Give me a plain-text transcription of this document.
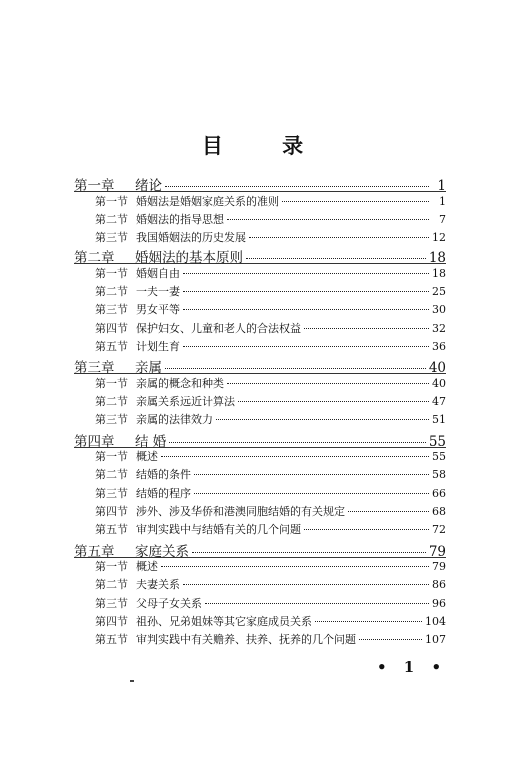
目 录
第一章	绪论	1
第一节 婚姻法是婚姻家庭关系的准则	1
第二节 婚姻法的指导思想	7
第三节 我国婚姻法的历史发展	12
第二章	婚姻法的基本原则	18
第一节 婚姻自由	18
第二节 一夫一妻	25
第三节 男女平等	30
第四节 保护妇女、儿童和老人的合法权益	32
第五节 计划生育	36
第三章	亲属	40
第一节 亲属的概念和种类	40
第二节 亲属关系远近计算法	47
第三节 亲属的法律效力	51
第四章	结 婚	55
第一节 概述	55
第二节 结婚的条件	58
第三节 结婚的程序	66
第四节 涉外、涉及华侨和港澳同胞结婚的有关规定	68
第五节 审判实践中与结婚有关的几个问题	72
第五章	家庭关系	79
第一节 概述	79
第二节 夫妻关系	86
第三节 父母子女关系	96
第四节 祖孙、兄弟姐妹等其它家庭成员关系	104
第五节 审判实践中有关赡养、扶养、抚养的几个问题	107
• 1 •
